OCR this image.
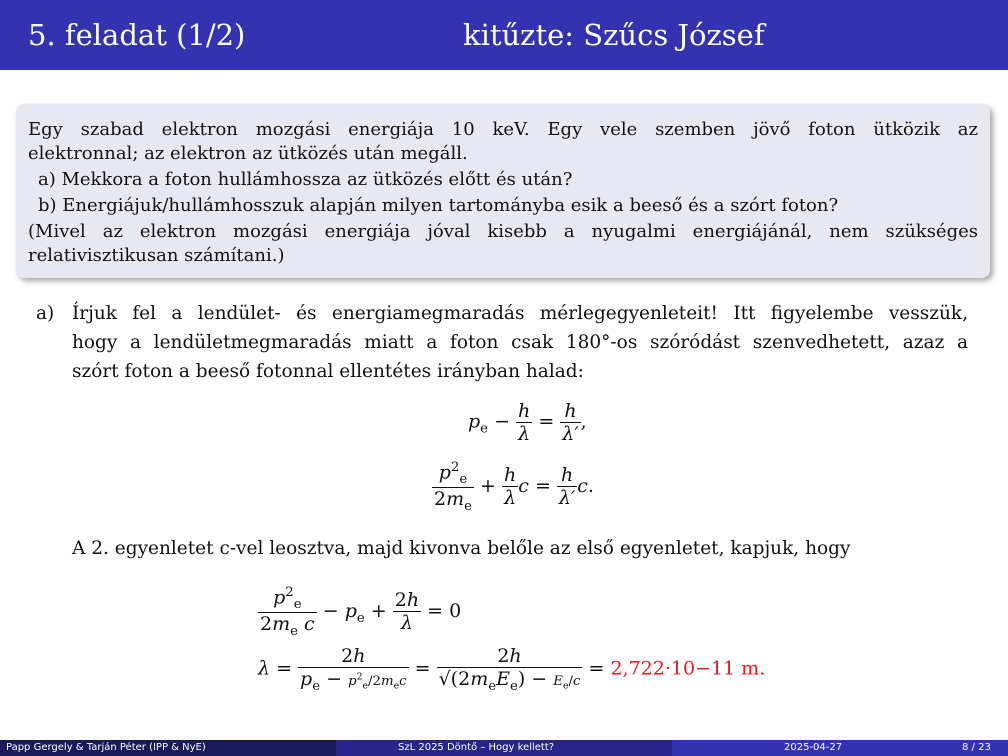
5. feladat (1/2)	kitűzte: Szűcs József

Egy szabad elektron mozgási energiája 10 keV. Egy vele szemben jövő foton ütközik az

elektronnal; az elektron az ütközés után megáll.

a) Mekkora a foton hullámhossza az ütközés előtt és után?

b) Energiájuk/hullámhosszuk alapján milyen tartományba esik a beeső és a szórt foton?

(Mivel az elektron mozgási energiája jóval kisebb a nyugalmi energiájánál, nem szükséges

relativisztikusan számítani.)

a) Írjuk fel a lendület- és energiamegmaradás mérlegegyenleteit! Itt figyelembe vesszük,
hogy a lendületmegmaradás miatt a foton csak 180°-os szóródást szenvedhetett, azaz a
szórt foton a beeső fotonnal ellentétes irányban halad:
$p_e - \frac{h}{\lambda} = \frac{h}{\lambda'}$ ,
$\frac{p^2_e}{2m_e} + \frac{h}{\lambda}$ $c = \frac{h}{\lambda'} c$.
A 2. egyenletet c-vel leosztva, majd kivonva belőle az első egyenletet, kapjuk, hogy
$\frac{p^2_e}{2m_e c} - p_e + \frac{2h}{\lambda} = 0$
$\lambda = \frac{2h}{p_e - p^2_e/2m_ec} = \frac{2h}{√(2m_eE_e) - E_e/c} = 2,722\cdot 10-11$ m.
Papp Gergely & Tarján Péter (IPP & NyE)	SzL 2025 Döntő – Hogy kellett?	2025-04-27	8 / 23
